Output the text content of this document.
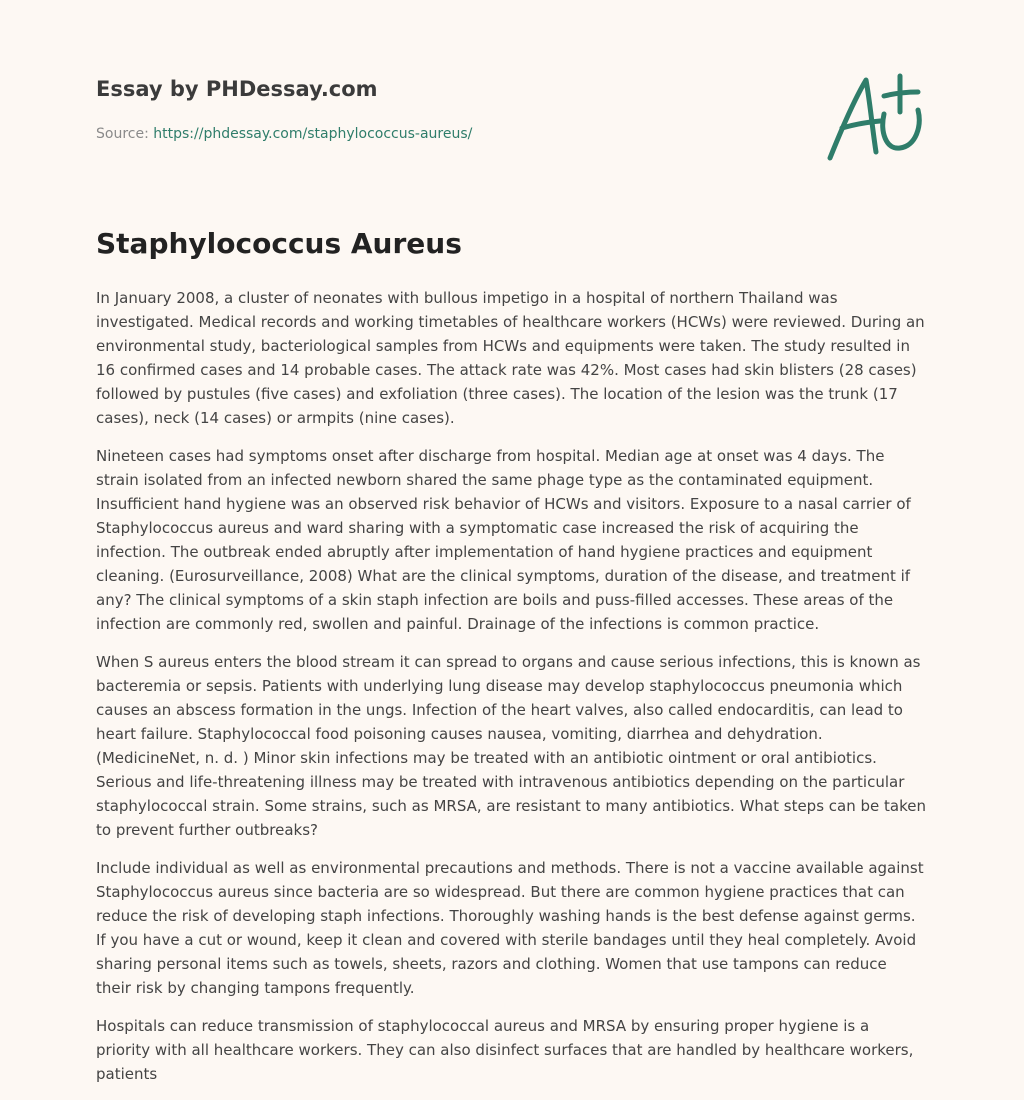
Essay by PHDessay.com
Source: https://phdessay.com/staphylococcus-aureus/
Staphylococcus Aureus

In January 2008, a cluster of neonates with bullous impetigo in a hospital of northern Thailand was investigated. Medical records and working timetables of healthcare workers (HCWs) were reviewed. During an environmental study, bacteriological samples from HCWs and equipments were taken. The study resulted in 16 confirmed cases and 14 probable cases. The attack rate was 42%. Most cases had skin blisters (28 cases) followed by pustules (five cases) and exfoliation (three cases). The location of the lesion was the trunk (17 cases), neck (14 cases) or armpits (nine cases).

Nineteen cases had symptoms onset after discharge from hospital. Median age at onset was 4 days. The strain isolated from an infected newborn shared the same phage type as the contaminated equipment. Insufficient hand hygiene was an observed risk behavior of HCWs and visitors. Exposure to a nasal carrier of Staphylococcus aureus and ward sharing with a symptomatic case increased the risk of acquiring the infection. The outbreak ended abruptly after implementation of hand hygiene practices and equipment cleaning. (Eurosurveillance, 2008) What are the clinical symptoms, duration of the disease, and treatment if any? The clinical symptoms of a skin staph infection are boils and puss-filled accesses. These areas of the infection are commonly red, swollen and painful. Drainage of the infections is common practice.

When S aureus enters the blood stream it can spread to organs and cause serious infections, this is known as bacteremia or sepsis. Patients with underlying lung disease may develop staphylococcus pneumonia which causes an abscess formation in the ungs. Infection of the heart valves, also called endocarditis, can lead to heart failure. Staphylococcal food poisoning causes nausea, vomiting, diarrhea and dehydration. (MedicineNet, n. d. ) Minor skin infections may be treated with an antibiotic ointment or oral antibiotics. Serious and life-threatening illness may be treated with intravenous antibiotics depending on the particular staphylococcal strain. Some strains, such as MRSA, are resistant to many antibiotics. What steps can be taken to prevent further outbreaks?

Include individual as well as environmental precautions and methods. There is not a vaccine available against Staphylococcus aureus since bacteria are so widespread. But there are common hygiene practices that can reduce the risk of developing staph infections. Thoroughly washing hands is the best defense against germs. If you have a cut or wound, keep it clean and covered with sterile bandages until they heal completely. Avoid sharing personal items such as towels, sheets, razors and clothing. Women that use tampons can reduce their risk by changing tampons frequently.

Hospitals can reduce transmission of staphylococcal aureus and MRSA by ensuring proper hygiene is a priority with all healthcare workers. They can also disinfect surfaces that are handled by healthcare workers, patients
